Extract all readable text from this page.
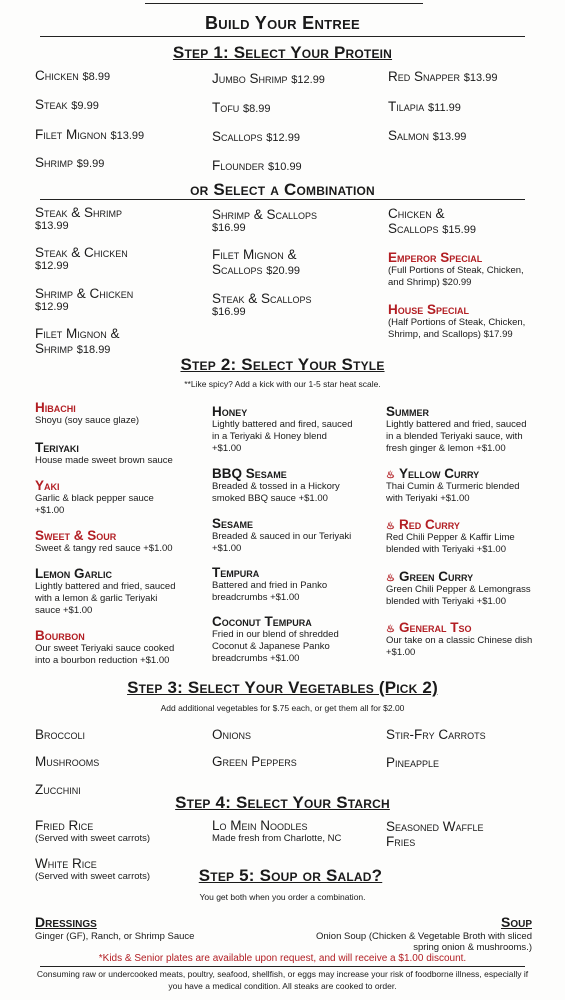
Build Your Entree
Step 1: Select Your Protein
Chicken $8.99
Steak $9.99
Filet Mignon $13.99
Shrimp $9.99
Jumbo Shrimp $12.99
Tofu $8.99
Scallops $12.99
Flounder $10.99
Red Snapper $13.99
Tilapia $11.99
Salmon $13.99
or Select a Combination
Steak & Shrimp
$13.99
Steak & Chicken
$12.99
Shrimp & Chicken
$12.99
Filet Mignon &
Shrimp $18.99
Shrimp & Scallops
$16.99
Filet Mignon &
Scallops $20.99
Steak & Scallops
$16.99
Chicken &
Scallops $15.99
Emperor Special
(Full Portions of Steak, Chicken,
and Shrimp) $20.99
House Special
(Half Portions of Steak, Chicken,
Shrimp, and Scallops) $17.99
Step 2: Select Your Style
**Like spicy? Add a kick with our 1-5 star heat scale.
Hibachi
Shoyu (soy sauce glaze)
Teriyaki
House made sweet brown sauce
Yaki
Garlic & black pepper sauce
+$1.00
Sweet & Sour
Sweet & tangy red sauce +$1.00
Lemon Garlic
Lightly battered and fried, sauced
with a lemon & garlic Teriyaki
sauce +$1.00
Bourbon
Our sweet Teriyaki sauce cooked
into a bourbon reduction +$1.00
Honey
Lightly battered and fired, sauced
in a Teriyaki & Honey blend
+$1.00
BBQ Sesame
Breaded & tossed in a Hickory
smoked BBQ sauce +$1.00
Sesame
Breaded & sauced in our Teriyaki
+$1.00
Tempura
Battered and fried in Panko
breadcrumbs +$1.00
Coconut Tempura
Fried in our blend of shredded
Coconut & Japanese Panko
breadcrumbs +$1.00
Summer
Lightly battered and fried, sauced
in a blended Teriyaki sauce, with
fresh ginger & lemon +$1.00
♨ Yellow Curry
Thai Cumin & Turmeric blended
with Teriyaki +$1.00
♨ Red Curry
Red Chili Pepper & Kaffir Lime
blended with Teriyaki +$1.00
♨ Green Curry
Green Chili Pepper & Lemongrass
blended with Teriyaki +$1.00
♨ General Tso
Our take on a classic Chinese dish
+$1.00
Step 3: Select Your Vegetables (Pick 2)
Add additional vegetables for $.75 each, or get them all for $2.00
Broccoli
Mushrooms
Zucchini
Onions
Green Peppers
Stir-Fry Carrots
Pineapple
Step 4: Select Your Starch
Fried Rice
(Served with sweet carrots)
Lo Mein Noodles
Made fresh from Charlotte, NC
Seasoned Waffle
Fries
White Rice
(Served with sweet carrots)	Step 5: Soup or Salad?
You get both when you order a combination.
Dressings
Ginger (GF), Ranch, or Shrimp Sauce
Soup
Onion Soup (Chicken & Vegetable Broth with sliced
spring onion & mushrooms.)
*Kids & Senior plates are available upon request, and will receive a $1.00 discount.
Consuming raw or undercooked meats, poultry, seafood, shellfish, or eggs may increase your risk of foodborne illness, especially if
you have a medical condition. All steaks are cooked to order.
